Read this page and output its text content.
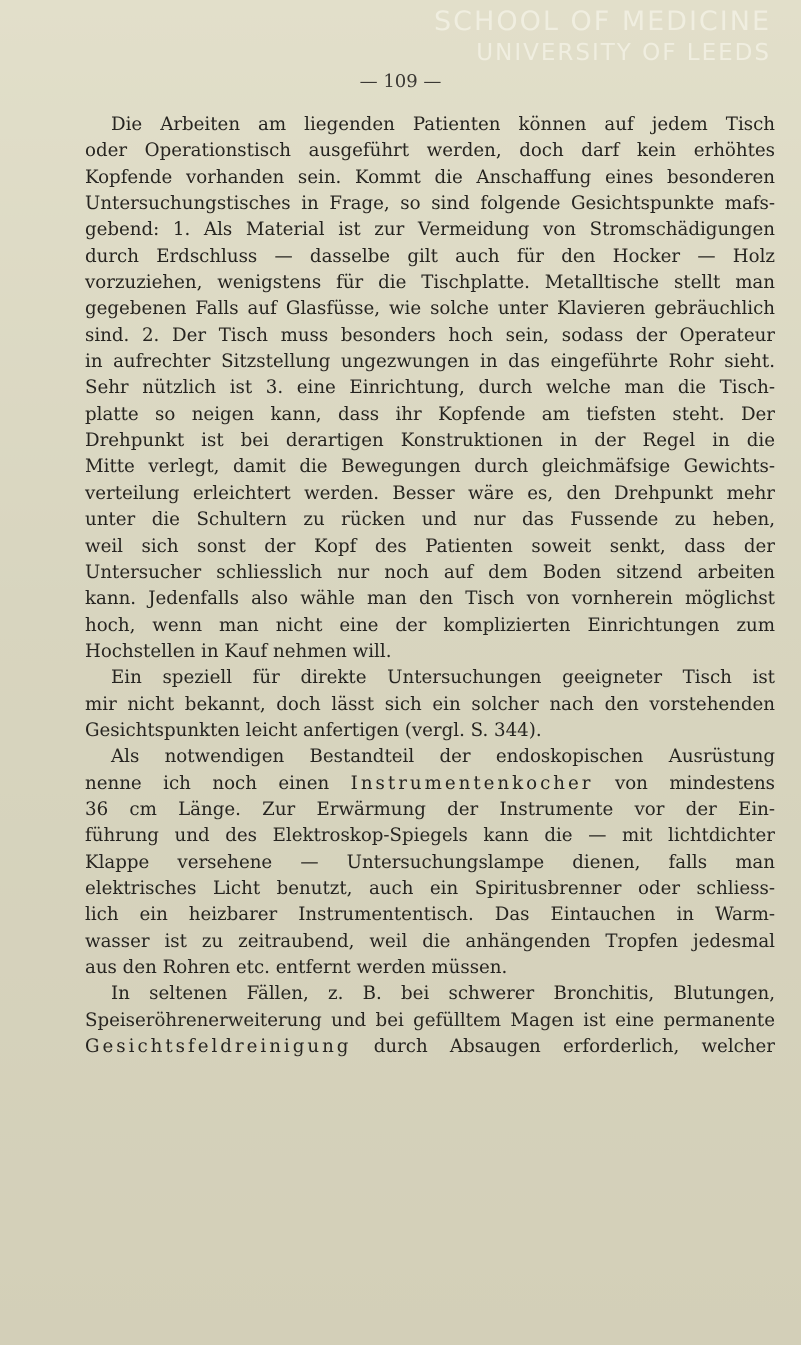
SCHOOL OF MEDICINE
UNIVERSITY OF LEEDS
— 109 —
Die Arbeiten am liegenden Patienten können auf jedem Tisch
oder Operationstisch ausgeführt werden, doch darf kein erhöhtes
Kopfende vorhanden sein. Kommt die Anschaffung eines besonderen
Untersuchungstisches in Frage, so sind folgende Gesichtspunkte mafs-
gebend: 1. Als Material ist zur Vermeidung von Stromschädigungen
durch Erdschluss — dasselbe gilt auch für den Hocker — Holz
vorzuziehen, wenigstens für die Tischplatte. Metalltische stellt man
gegebenen Falls auf Glasfüsse, wie solche unter Klavieren gebräuchlich
sind. 2. Der Tisch muss besonders hoch sein, sodass der Operateur
in aufrechter Sitzstellung ungezwungen in das eingeführte Rohr sieht.
Sehr nützlich ist 3. eine Einrichtung, durch welche man die Tisch-
platte so neigen kann, dass ihr Kopfende am tiefsten steht. Der
Drehpunkt ist bei derartigen Konstruktionen in der Regel in die
Mitte verlegt, damit die Bewegungen durch gleichmäfsige Gewichts-
verteilung erleichtert werden. Besser wäre es, den Drehpunkt mehr
unter die Schultern zu rücken und nur das Fussende zu heben,
weil sich sonst der Kopf des Patienten soweit senkt, dass der
Untersucher schliesslich nur noch auf dem Boden sitzend arbeiten
kann. Jedenfalls also wähle man den Tisch von vornherein möglichst
hoch, wenn man nicht eine der komplizierten Einrichtungen zum
Hochstellen in Kauf nehmen will.
Ein speziell für direkte Untersuchungen geeigneter Tisch ist
mir nicht bekannt, doch lässt sich ein solcher nach den vorstehenden
Gesichtspunkten leicht anfertigen (vergl. S. 344).
Als notwendigen Bestandteil der endoskopischen Ausrüstung
nenne ich noch einen Instrumentenkocher von mindestens
36 cm Länge. Zur Erwärmung der Instrumente vor der Ein-
führung und des Elektroskop-Spiegels kann die — mit lichtdichter
Klappe versehene — Untersuchungslampe dienen, falls man
elektrisches Licht benutzt, auch ein Spiritusbrenner oder schliess-
lich ein heizbarer Instrumententisch. Das Eintauchen in Warm-
wasser ist zu zeitraubend, weil die anhängenden Tropfen jedesmal
aus den Rohren etc. entfernt werden müssen.
In seltenen Fällen, z. B. bei schwerer Bronchitis, Blutungen,
Speiseröhrenerweiterung und bei gefülltem Magen ist eine permanente
Gesichtsfeldreinigung durch Absaugen erforderlich, welcher
